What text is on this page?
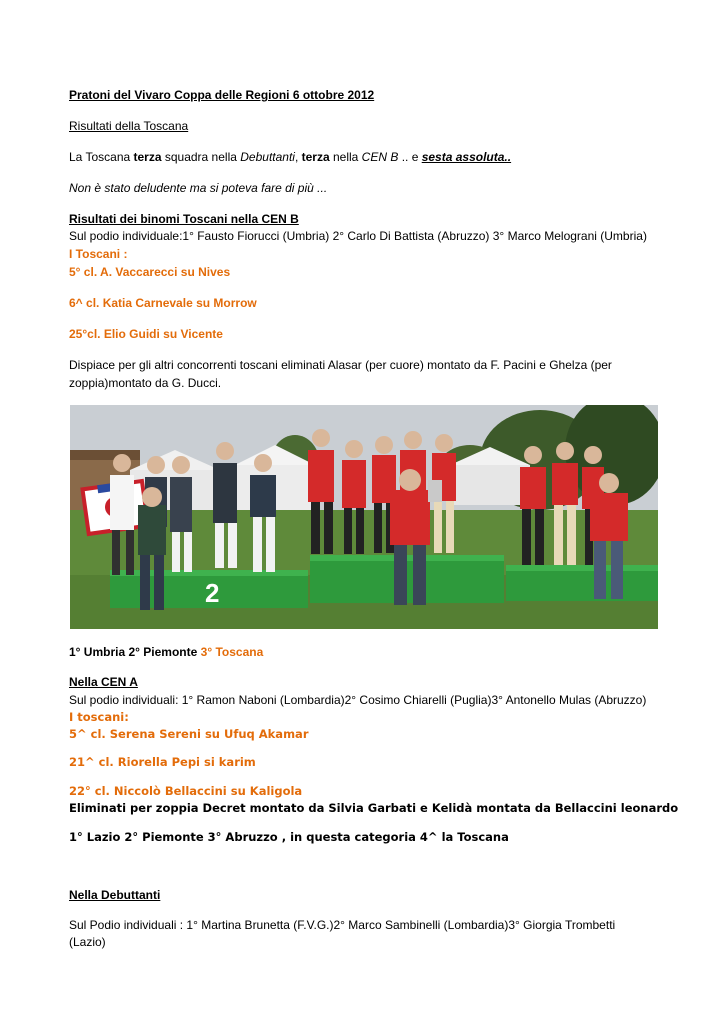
Pratoni del Vivaro Coppa delle Regioni 6 ottobre 2012
Risultati della Toscana
La Toscana terza squadra nella Debuttanti, terza nella CEN B .. e sesta assoluta..
Non è stato deludente ma si poteva fare di più ...
Risultati dei binomi Toscani nella CEN B
Sul podio individuale:1° Fausto Fiorucci (Umbria) 2° Carlo Di Battista (Abruzzo) 3° Marco Melograni (Umbria)
I Toscani :
5° cl. A. Vaccarecci su Nives
6^ cl. Katia Carnevale su Morrow
25°cl. Elio Guidi su Vicente
Dispiace per gli altri concorrenti toscani eliminati Alasar (per cuore) montato da F. Pacini e Ghelza (per
zoppia)montato da G. Ducci.
2
1° Umbria 2° Piemonte 3° Toscana
Nella CEN A
Sul podio individuali: 1° Ramon Naboni (Lombardia)2° Cosimo Chiarelli (Puglia)3° Antonello Mulas (Abruzzo)
I toscani:
5^ cl. Serena Sereni su Ufuq Akamar
21^ cl. Riorella Pepi si karim
22° cl. Niccolò Bellaccini su Kaligola
Eliminati per zoppia Decret montato da Silvia Garbati e Kelidà montata da Bellaccini leonardo
1° Lazio 2° Piemonte 3° Abruzzo , in questa categoria 4^ la Toscana
Nella Debuttanti
Sul Podio individuali : 1° Martina Brunetta (F.V.G.)2° Marco Sambinelli (Lombardia)3° Giorgia Trombetti
(Lazio)
